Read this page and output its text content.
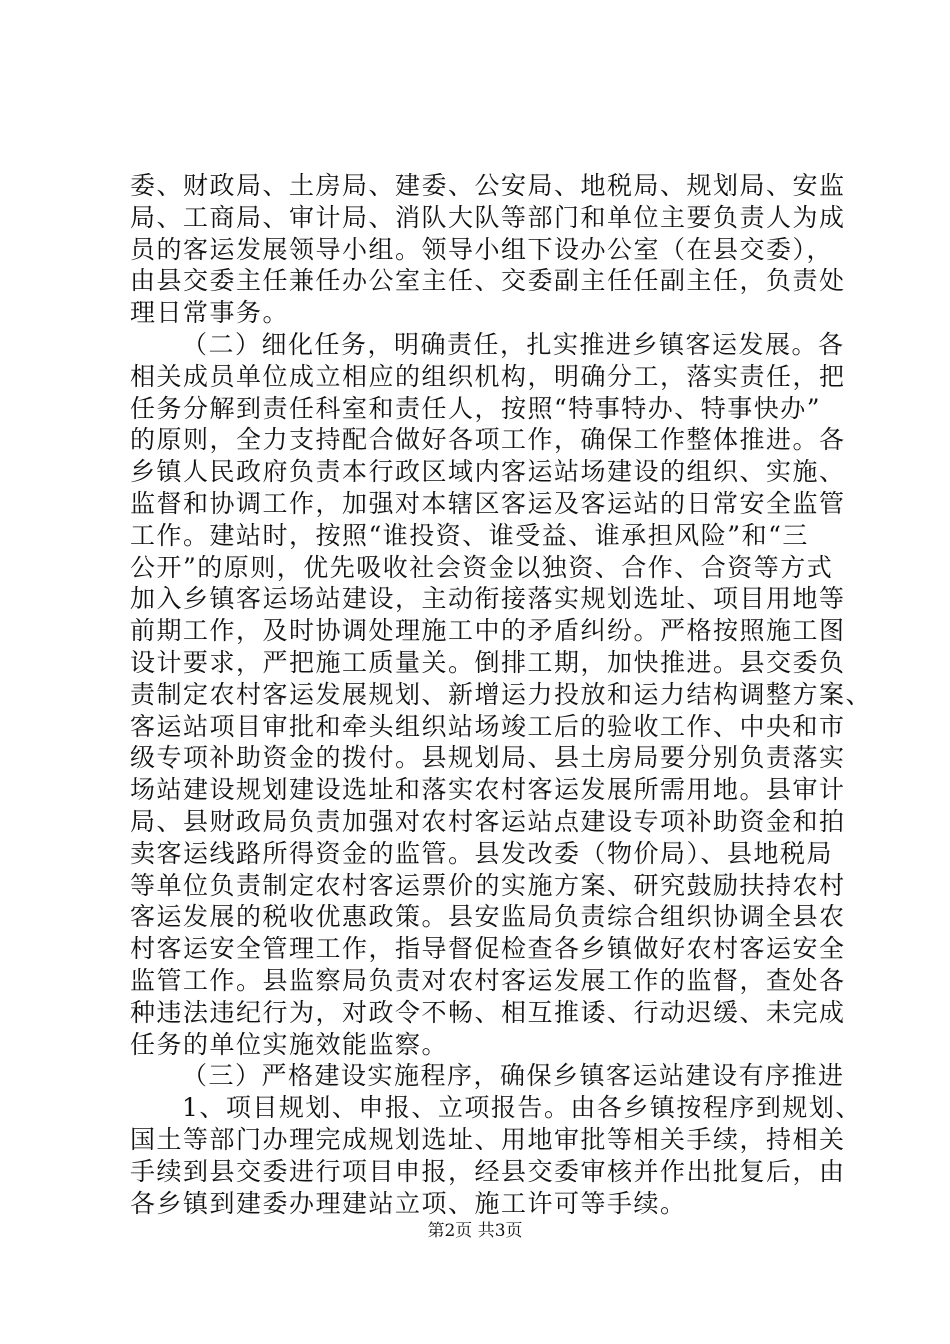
委、财政局、土房局、建委、公安局、地税局、规划局、安监
局、工商局、审计局、消队大队等部门和单位主要负责人为成
员的客运发展领导小组。领导小组下设办公室（在县交委），
由县交委主任兼任办公室主任、交委副主任任副主任，负责处
理日常事务。
（二）细化任务，明确责任，扎实推进乡镇客运发展。各
相关成员单位成立相应的组织机构，明确分工，落实责任，把
任务分解到责任科室和责任人，按照“特事特办、特事快办”
的原则，全力支持配合做好各项工作，确保工作整体推进。各
乡镇人民政府负责本行政区域内客运站场建设的组织、实施、
监督和协调工作，加强对本辖区客运及客运站的日常安全监管
工作。建站时，按照“谁投资、谁受益、谁承担风险”和“三
公开”的原则，优先吸收社会资金以独资、合作、合资等方式
加入乡镇客运场站建设，主动衔接落实规划选址、项目用地等
前期工作，及时协调处理施工中的矛盾纠纷。严格按照施工图
设计要求，严把施工质量关。倒排工期，加快推进。县交委负
责制定农村客运发展规划、新增运力投放和运力结构调整方案、
客运站项目审批和牵头组织站场竣工后的验收工作、中央和市
级专项补助资金的拨付。县规划局、县土房局要分别负责落实
场站建设规划建设选址和落实农村客运发展所需用地。县审计
局、县财政局负责加强对农村客运站点建设专项补助资金和拍
卖客运线路所得资金的监管。县发改委（物价局）、县地税局
等单位负责制定农村客运票价的实施方案、研究鼓励扶持农村
客运发展的税收优惠政策。县安监局负责综合组织协调全县农
村客运安全管理工作，指导督促检查各乡镇做好农村客运安全
监管工作。县监察局负责对农村客运发展工作的监督，查处各
种违法违纪行为，对政令不畅、相互推诿、行动迟缓、未完成
任务的单位实施效能监察。
（三）严格建设实施程序，确保乡镇客运站建设有序推进
1、项目规划、申报、立项报告。由各乡镇按程序到规划、
国土等部门办理完成规划选址、用地审批等相关手续，持相关
手续到县交委进行项目申报，经县交委审核并作出批复后，由
各乡镇到建委办理建站立项、施工许可等手续。
第2页 共3页
